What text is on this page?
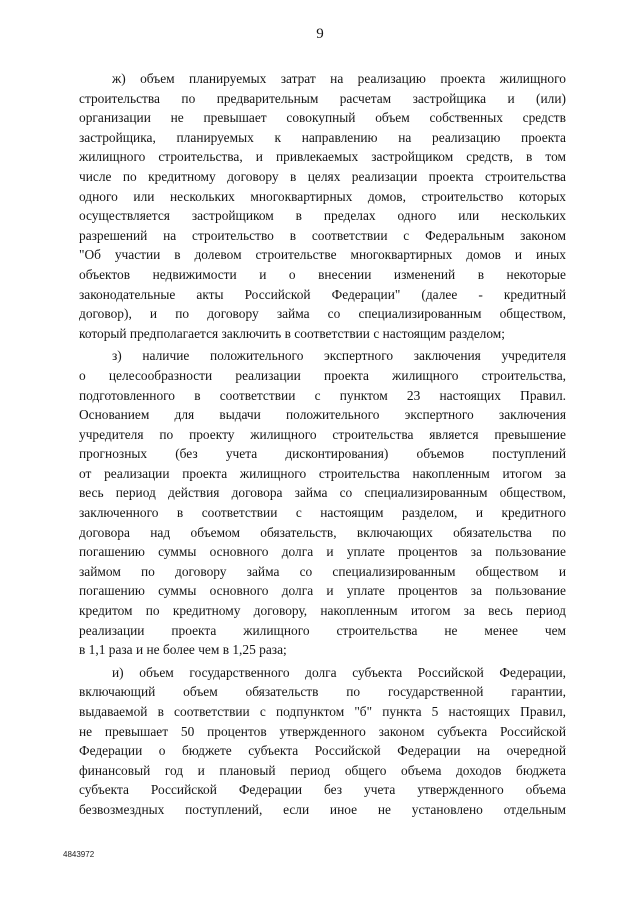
9
ж) объем планируемых затрат на реализацию проекта жилищного
строительства по предварительным расчетам застройщика и (или)
организации не превышает совокупный объем собственных средств
застройщика, планируемых к направлению на реализацию проекта
жилищного строительства, и привлекаемых застройщиком средств, в том
числе по кредитному договору в целях реализации проекта строительства
одного или нескольких многоквартирных домов, строительство которых
осуществляется застройщиком в пределах одного или нескольких
разрешений на строительство в соответствии с Федеральным законом
"Об участии в долевом строительстве многоквартирных домов и иных
объектов недвижимости и о внесении изменений в некоторые
законодательные акты Российской Федерации" (далее - кредитный
договор), и по договору займа со специализированным обществом,
который предполагается заключить в соответствии с настоящим разделом;
з) наличие положительного экспертного заключения учредителя
о целесообразности реализации проекта жилищного строительства,
подготовленного в соответствии с пунктом 23 настоящих Правил.
Основанием для выдачи положительного экспертного заключения
учредителя по проекту жилищного строительства является превышение
прогнозных (без учета дисконтирования) объемов поступлений
от реализации проекта жилищного строительства накопленным итогом за
весь период действия договора займа со специализированным обществом,
заключенного в соответствии с настоящим разделом, и кредитного
договора над объемом обязательств, включающих обязательства по
погашению суммы основного долга и уплате процентов за пользование
займом по договору займа со специализированным обществом и
погашению суммы основного долга и уплате процентов за пользование
кредитом по кредитному договору, накопленным итогом за весь период
реализации проекта жилищного строительства не менее чем
в 1,1 раза и не более чем в 1,25 раза;
и) объем государственного долга субъекта Российской Федерации,
включающий объем обязательств по государственной гарантии,
выдаваемой в соответствии с подпунктом "б" пункта 5 настоящих Правил,
не превышает 50 процентов утвержденного законом субъекта Российской
Федерации о бюджете субъекта Российской Федерации на очередной
финансовый год и плановый период общего объема доходов бюджета
субъекта Российской Федерации без учета утвержденного объема
безвозмездных поступлений, если иное не установлено отдельным
4843972
